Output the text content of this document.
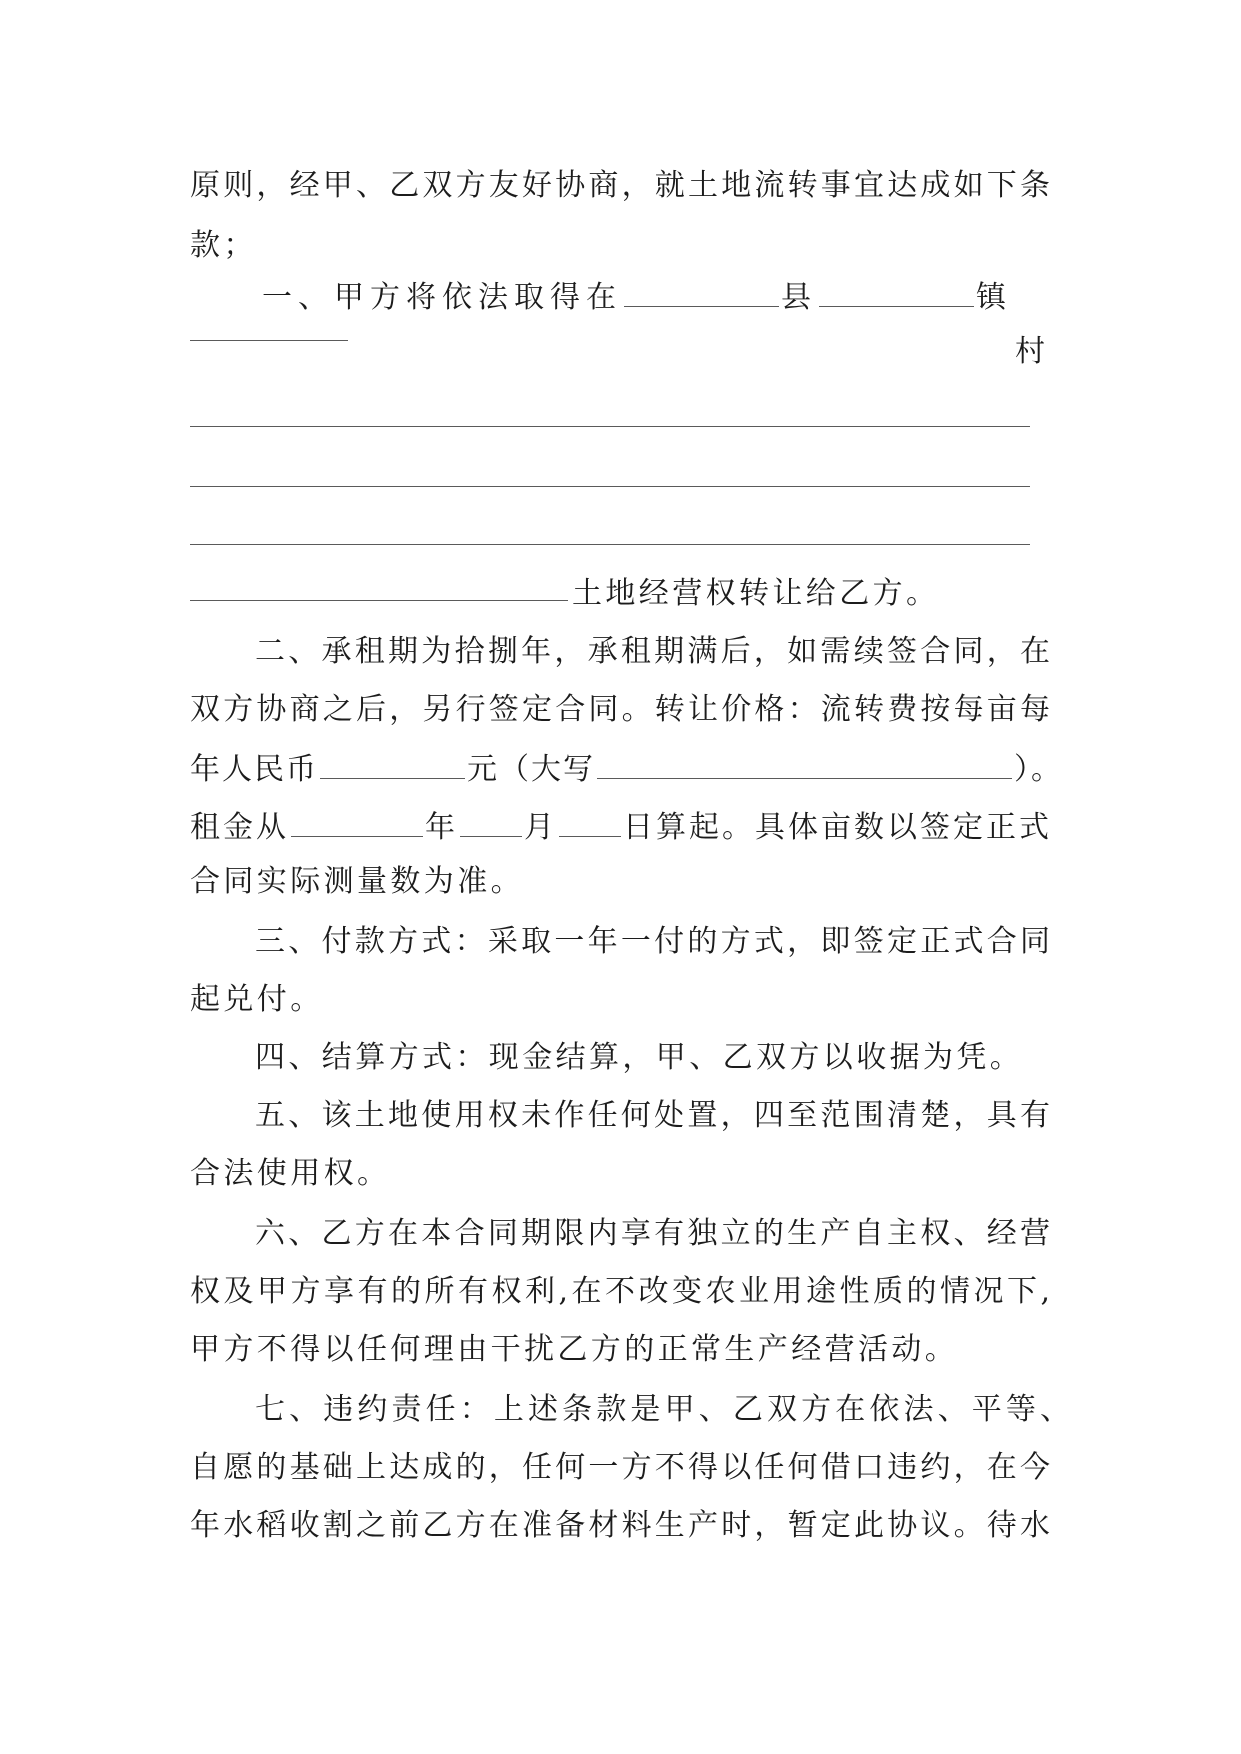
原则，经甲、乙双方友好协商，就土地流转事宜达成如下条
款；
一、甲方将依法取得在	县	镇
村
土地经营权转让给乙方。
二、承租期为拾捌年，承租期满后，如需续签合同，在
双方协商之后，另行签定合同。转让价格：流转费按每亩每
年人民币	元（大写	）。
租金从	年 月 日算起。具体亩数以签定正式
合同实际测量数为准。
三、付款方式：采取一年一付的方式，即签定正式合同
起兑付。
四、结算方式：现金结算，甲、乙双方以收据为凭。
五、该土地使用权未作任何处置，四至范围清楚，具有
合法使用权。
六、乙方在本合同期限内享有独立的生产自主权、经营
权及甲方享有的所有权利,在不改变农业用途性质的情况下,
甲方不得以任何理由干扰乙方的正常生产经营活动。
七、违约责任：上述条款是甲、乙双方在依法、平等、
自愿的基础上达成的，任何一方不得以任何借口违约，在今
年水稻收割之前乙方在准备材料生产时，暂定此协议。待水
